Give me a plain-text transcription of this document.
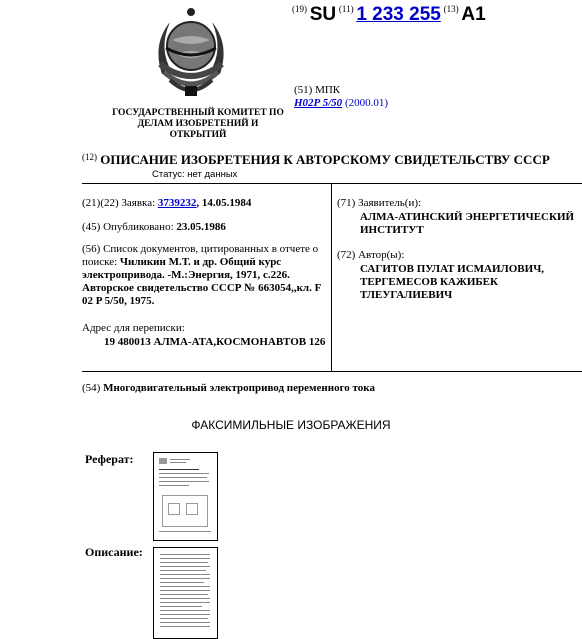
$^{(19)}$ SU $^{(11)}$ 1 233 255 $^{(13)}$ A1
(51) МПК
H02P 5/50 (2000.01)
ГОСУДАРСТВЕННЫЙ КОМИТЕТ ПО
ДЕЛАМ ИЗОБРЕТЕНИЙ И ОТКРЫТИЙ
$^{(12)}$ ОПИСАНИЕ ИЗОБРЕТЕНИЯ К АВТОРСКОМУ СВИДЕТЕЛЬСТВУ СССР
Статус: нет данных
(21)(22) Заявка: 3739232, 14.05.1984
(45) Опубликовано: 23.05.1986
(56) Список документов, цитированных в отчете о поиске: Чиликин М.Т. и др. Общий курс электропривода. -М.:Энергия, 1971, с.226. Авторское свидетельство СССР № 663054,,кл. F 02 P 5/50, 1975.
Адрес для переписки:
19 480013 АЛМА-АТА,КОСМОНАВТОВ 126
(71) Заявитель(и):
АЛМА-АТИНСКИЙ ЭНЕРГЕТИЧЕСКИЙ ИНСТИТУТ
(72) Автор(ы):
САГИТОВ ПУЛАТ ИСМАИЛОВИЧ, ТЕРГЕМЕСОВ КАЖИБЕК ТЛЕУГАЛИЕВИЧ
(54) Многодвигательный электропривод переменного тока
ФАКСИМИЛЬНЫЕ ИЗОБРАЖЕНИЯ
Реферат:
Описание:
